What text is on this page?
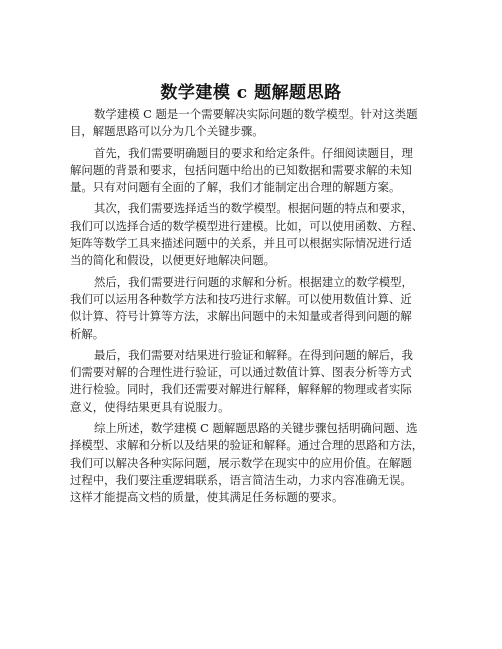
数学建模 c 题解题思路
数学建模 C 题是一个需要解决实际问题的数学模型。针对这类题
目，解题思路可以分为几个关键步骤。
首先，我们需要明确题目的要求和给定条件。仔细阅读题目，理
解问题的背景和要求，包括问题中给出的已知数据和需要求解的未知
量。只有对问题有全面的了解，我们才能制定出合理的解题方案。
其次，我们需要选择适当的数学模型。根据问题的特点和要求，
我们可以选择合适的数学模型进行建模。比如，可以使用函数、方程、
矩阵等数学工具来描述问题中的关系，并且可以根据实际情况进行适
当的简化和假设，以便更好地解决问题。
然后，我们需要进行问题的求解和分析。根据建立的数学模型，
我们可以运用各种数学方法和技巧进行求解。可以使用数值计算、近
似计算、符号计算等方法，求解出问题中的未知量或者得到问题的解
析解。
最后，我们需要对结果进行验证和解释。在得到问题的解后，我
们需要对解的合理性进行验证，可以通过数值计算、图表分析等方式
进行检验。同时，我们还需要对解进行解释，解释解的物理或者实际
意义，使得结果更具有说服力。
综上所述，数学建模 C 题解题思路的关键步骤包括明确问题、选
择模型、求解和分析以及结果的验证和解释。通过合理的思路和方法，
我们可以解决各种实际问题，展示数学在现实中的应用价值。在解题
过程中，我们要注重逻辑联系，语言简洁生动，力求内容准确无误。
这样才能提高文档的质量，使其满足任务标题的要求。
